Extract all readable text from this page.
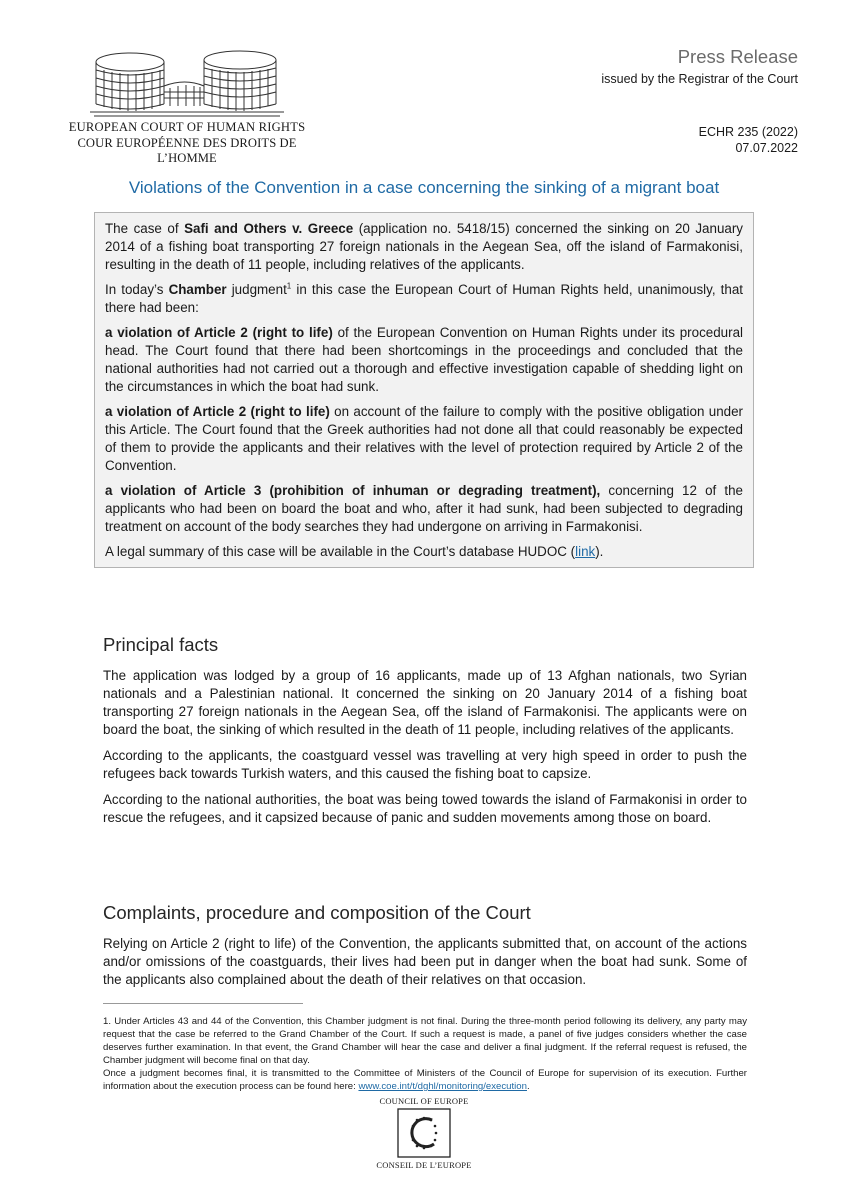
EUROPEAN COURT OF HUMAN RIGHTS
COUR EUROPÉENNE DES DROITS DE L’HOMME
Press Release
issued by the Registrar of the Court
ECHR 235 (2022)
07.07.2022
Violations of the Convention in a case concerning the sinking of a migrant boat

The case of Safi and Others v. Greece (application no. 5418/15) concerned the sinking on 20 January 2014 of a fishing boat transporting 27 foreign nationals in the Aegean Sea, off the island of Farmakonisi, resulting in the death of 11 people, including relatives of the applicants.

In today’s Chamber judgment$^1$ in this case the European Court of Human Rights held, unanimously, that there had been:

a violation of Article 2 (right to life) of the European Convention on Human Rights under its procedural head. The Court found that there had been shortcomings in the proceedings and concluded that the national authorities had not carried out a thorough and effective investigation capable of shedding light on the circumstances in which the boat had sunk.

a violation of Article 2 (right to life) on account of the failure to comply with the positive obligation under this Article. The Court found that the Greek authorities had not done all that could reasonably be expected of them to provide the applicants and their relatives with the level of protection required by Article 2 of the Convention.

a violation of Article 3 (prohibition of inhuman or degrading treatment), concerning 12 of the applicants who had been on board the boat and who, after it had sunk, had been subjected to degrading treatment on account of the body searches they had undergone on arriving in Farmakonisi.

A legal summary of this case will be available in the Court’s database HUDOC (link).

Principal facts

The application was lodged by a group of 16 applicants, made up of 13 Afghan nationals, two Syrian nationals and a Palestinian national. It concerned the sinking on 20 January 2014 of a fishing boat transporting 27 foreign nationals in the Aegean Sea, off the island of Farmakonisi. The applicants were on board the boat, the sinking of which resulted in the death of 11 people, including relatives of the applicants.

According to the applicants, the coastguard vessel was travelling at very high speed in order to push the refugees back towards Turkish waters, and this caused the fishing boat to capsize.

According to the national authorities, the boat was being towed towards the island of Farmakonisi in order to rescue the refugees, and it capsized because of panic and sudden movements among those on board.

Complaints, procedure and composition of the Court

Relying on Article 2 (right to life) of the Convention, the applicants submitted that, on account of the actions and/or omissions of the coastguards, their lives had been put in danger when the boat had sunk. Some of the applicants also complained about the death of their relatives on that occasion.

1. Under Articles 43 and 44 of the Convention, this Chamber judgment is not final. During the three-month period following its delivery, any party may request that the case be referred to the Grand Chamber of the Court. If such a request is made, a panel of five judges considers whether the case deserves further examination. In that event, the Grand Chamber will hear the case and deliver a final judgment. If the referral request is refused, the Chamber judgment will become final on that day.

Once a judgment becomes final, it is transmitted to the Committee of Ministers of the Council of Europe for supervision of its execution. Further information about the execution process can be found here: www.coe.int/t/dghl/monitoring/execution.

COUNCIL OF EUROPE
CONSEIL DE L’EUROPE
